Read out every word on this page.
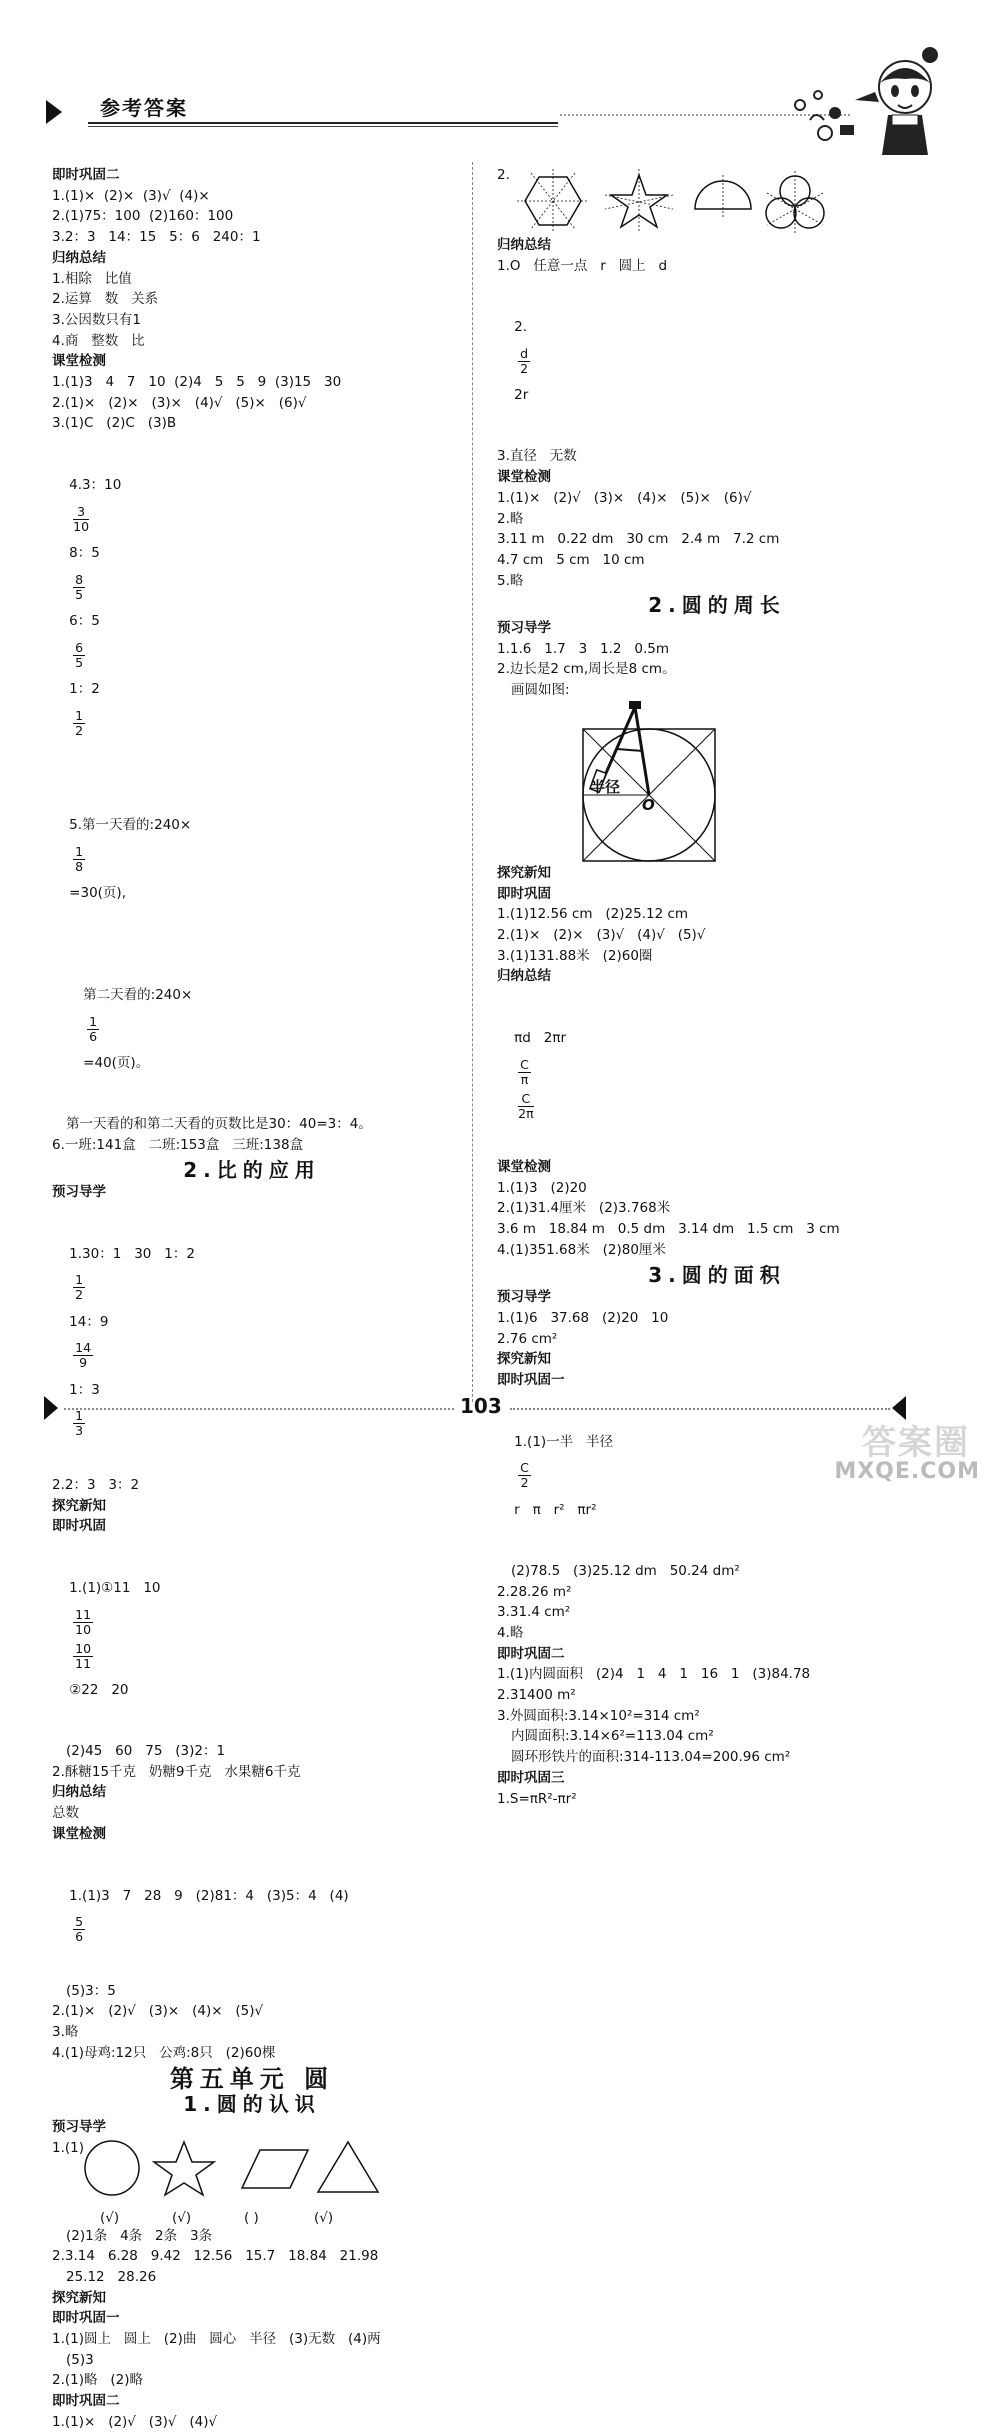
参考答案
即时巩固二
1.(1)×  (2)×  (3)√  (4)×
2.(1)75：100  (2)160：100
3.2：3   14：15   5：6   240：1
归纳总结
1.相除   比值
2.运算   数   关系
3.公因数只有1
4.商   整数   比
课堂检测
1.(1)3   4   7   10  (2)4   5   5   9  (3)15   30
2.(1)×   (2)×   (3)×   (4)√   (5)×   (6)√
3.(1)C   (2)C   (3)B

4.3：10

$\frac{3}{10}$

8：5

$\frac{8}{5}$

6：5

$\frac{6}{5}$

1：2

$\frac{1}{2}$

5.第一天看的:240×

$\frac{1}{8}$

=30(页),

第二天看的:240×

$\frac{1}{6}$

=40(页)。

第一天看的和第二天看的页数比是30：40=3：4。
6.一班:141盒   二班:153盒   三班:138盒
2.比的应用
预习导学

1.30：1   30   1：2

$\frac{1}{2}$

14：9

$\frac{14}{9}$

1：3

$\frac{1}{3}$

2.2：3   3：2
探究新知
即时巩固

1.(1)①11   10

$\frac{11}{10}$

$\frac{10}{11}$

②22   20

(2)45   60   75   (3)2：1
2.酥糖15千克   奶糖9千克   水果糖6千克
归纳总结
总数
课堂检测

1.(1)3   7   28   9   (2)81：4   (3)5：4   (4)

$\frac{5}{6}$

(5)3：5
2.(1)×   (2)√   (3)×   (4)×   (5)√
3.略
4.(1)母鸡:12只   公鸡:8只   (2)60棵
第五单元 圆
1.圆的认识
预习导学
1.(1)
(√)	(√)	( )	(√)
(2)1条   4条   2条   3条
2.3.14   6.28   9.42   12.56   15.7   18.84   21.98
25.12   28.26
探究新知
即时巩固一
1.(1)圆上   圆上   (2)曲   圆心   半径   (3)无数   (4)两
(5)3
2.(1)略   (2)略
即时巩固二
1.(1)×   (2)√   (3)√   (4)√
2.
归纳总结
1.O   任意一点   r   圆上   d

2.

$\frac{d}{2}$

2r

3.直径   无数
课堂检测
1.(1)×   (2)√   (3)×   (4)×   (5)×   (6)√
2.略
3.11 m   0.22 dm   30 cm   2.4 m   7.2 cm
4.7 cm   5 cm   10 cm
5.略
2.圆的周长
预习导学
1.1.6   1.7   3   1.2   0.5m
2.边长是2 cm,周长是8 cm。
画圆如图:
半径
O
探究新知
即时巩固
1.(1)12.56 cm   (2)25.12 cm
2.(1)×   (2)×   (3)√   (4)√   (5)√
3.(1)131.88米   (2)60圈
归纳总结

πd   2πr

$\frac{C}{\pi}$

$\frac{C}{2\pi}$

课堂检测
1.(1)3   (2)20
2.(1)31.4厘米   (2)3.768米
3.6 m   18.84 m   0.5 dm   3.14 dm   1.5 cm   3 cm
4.(1)351.68米   (2)80厘米
3.圆的面积
预习导学
1.(1)6   37.68   (2)20   10
2.76 cm²
探究新知
即时巩固一

1.(1)一半   半径

$\frac{C}{2}$

r   π   r²   πr²

(2)78.5   (3)25.12 dm   50.24 dm²
2.28.26 m²
3.31.4 cm²
4.略
即时巩固二
1.(1)内圆面积   (2)4   1   4   1   16   1   (3)84.78
2.31400 m²
3.外圆面积:3.14×10²=314 cm²
内圆面积:3.14×6²=113.04 cm²
圆环形铁片的面积:314-113.04=200.96 cm²
即时巩固三
1.S=πR²-πr²
103
答案圈
MXQE.COM
